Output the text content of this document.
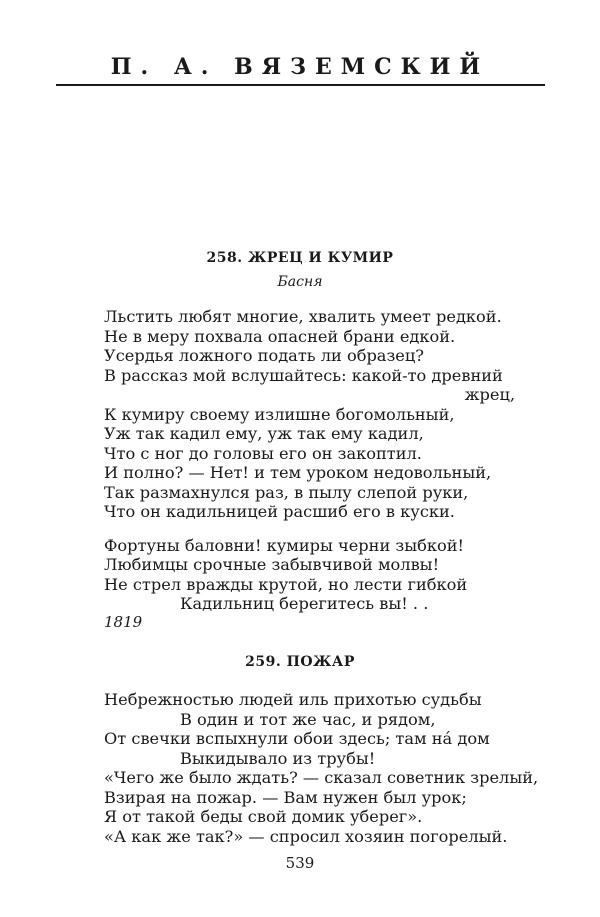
П. А. ВЯЗЕМСКИЙ
258. ЖРЕЦ И КУМИР
Басня
Льстить любят многие, хвалить умеет редкой.
Не в меру похвала опасней брани едкой.
Усердья ложного подать ли образец?
В рассказ мой вслушайтесь: какой-то древний
жрец,
К кумиру своему излишне богомольный,
Уж так кадил ему, уж так ему кадил,
Что с ног до головы его он закоптил.
И полно? — Нет! и тем уроком недовольный,
Так размахнулся раз, в пылу слепой руки,
Что он кадильницей расшиб его в куски.
Фортуны баловни! кумиры черни зыбкой!
Любимцы срочные забывчивой молвы!
Не стрел вражды крутой, но лести гибкой
Кадильниц берегитесь вы! . .
1819
259. ПОЖАР
Небрежностью людей иль прихотью судьбы
В один и тот же час, и рядом,
От свечки вспыхнули обои здесь; там на́ дом
Выкидывало из трубы!
«Чего же было ждать? — сказал советник зрелый,
Взирая на пожар. — Вам нужен был урок;
Я от такой беды свой домик уберег».
«А как же так?» — спросил хозяин погорелый.
539
